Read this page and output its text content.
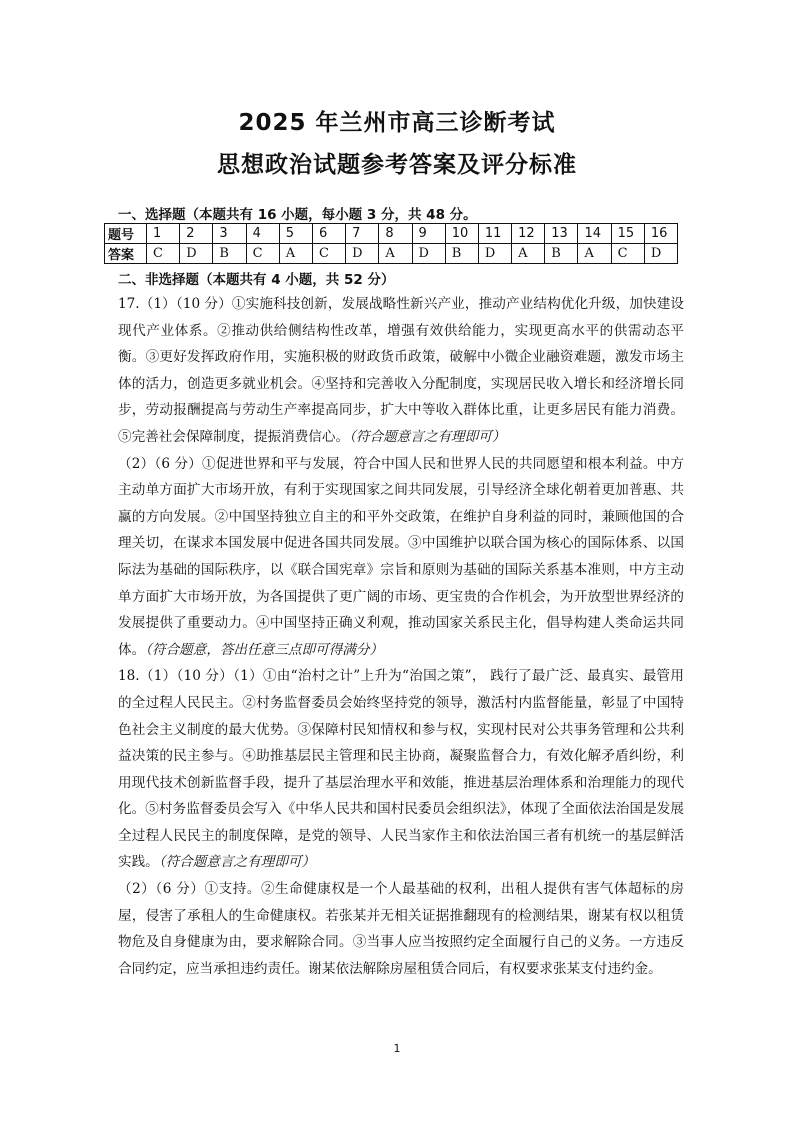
2025 年兰州市高三诊断考试
思想政治试题参考答案及评分标准
一、选择题（本题共有 16 小题，每小题 3 分，共 48 分。
题号	1	2	3	4	5	6	7	8	9	10	11	12	13	14	15	16
答案	C	D	B	C	A	C	D	A	D	B	D	A	B	A	C	D
二、非选择题（本题共有 4 小题，共 52 分）

17.（1）（10 分）①实施科技创新，发展战略性新兴产业，推动产业结构优化升级，加快建设现代产业体系。②推动供给侧结构性改革，增强有效供给能力，实现更高水平的供需动态平衡。③更好发挥政府作用，实施积极的财政货币政策，破解中小微企业融资难题，激发市场主体的活力，创造更多就业机会。④坚持和完善收入分配制度，实现居民收入增长和经济增长同步，劳动报酬提高与劳动生产率提高同步，扩大中等收入群体比重，让更多居民有能力消费。⑤完善社会保障制度，提振消费信心。（符合题意言之有理即可）

（2）（6 分）①促进世界和平与发展，符合中国人民和世界人民的共同愿望和根本利益。中方主动单方面扩大市场开放，有利于实现国家之间共同发展，引导经济全球化朝着更加普惠、共赢的方向发展。②中国坚持独立自主的和平外交政策，在维护自身利益的同时，兼顾他国的合理关切，在谋求本国发展中促进各国共同发展。③中国维护以联合国为核心的国际体系、以国际法为基础的国际秩序，以《联合国宪章》宗旨和原则为基础的国际关系基本准则，中方主动单方面扩大市场开放，为各国提供了更广阔的市场、更宝贵的合作机会，为开放型世界经济的发展提供了重要动力。④中国坚持正确义利观，推动国家关系民主化，倡导构建人类命运共同体。（符合题意，答出任意三点即可得满分）

18.（1）（10 分）（1）①由“治村之计”上升为“治国之策”， 践行了最广泛、最真实、最管用的全过程人民民主。②村务监督委员会始终坚持党的领导，激活村内监督能量，彰显了中国特色社会主义制度的最大优势。③保障村民知情权和参与权，实现村民对公共事务管理和公共利益决策的民主参与。④助推基层民主管理和民主协商，凝聚监督合力，有效化解矛盾纠纷，利用现代技术创新监督手段，提升了基层治理水平和效能，推进基层治理体系和治理能力的现代化。⑤村务监督委员会写入《中华人民共和国村民委员会组织法》，体现了全面依法治国是发展全过程人民民主的制度保障，是党的领导、人民当家作主和依法治国三者有机统一的基层鲜活实践。（符合题意言之有理即可）

（2）（6 分）①支持。②生命健康权是一个人最基础的权利，出租人提供有害气体超标的房屋，侵害了承租人的生命健康权。若张某并无相关证据推翻现有的检测结果，谢某有权以租赁物危及自身健康为由，要求解除合同。③当事人应当按照约定全面履行自己的义务。一方违反合同约定，应当承担违约责任。谢某依法解除房屋租赁合同后，有权要求张某支付违约金。

1
